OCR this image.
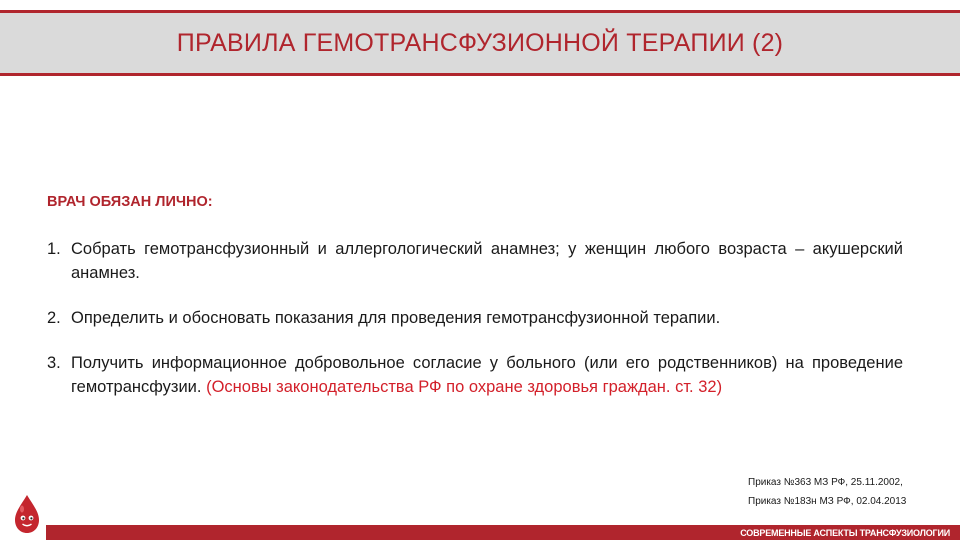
ПРАВИЛА ГЕМОТРАНСФУЗИОННОЙ ТЕРАПИИ (2)
ВРАЧ ОБЯЗАН ЛИЧНО:
1. Собрать гемотрансфузионный и аллергологический анамнез; у женщин любого возраста – акушерский анамнез.
2. Определить и обосновать показания для проведения гемотрансфузионной терапии.
3. Получить информационное добровольное согласие у больного (или его родственников) на проведение гемотрансфузии. (Основы законодательства РФ по охране здоровья граждан. ст. 32)
Приказ №363 МЗ РФ, 25.11.2002,
Приказ №183н МЗ РФ, 02.04.2013
СОВРЕМЕННЫЕ АСПЕКТЫ ТРАНСФУЗИОЛОГИИ
